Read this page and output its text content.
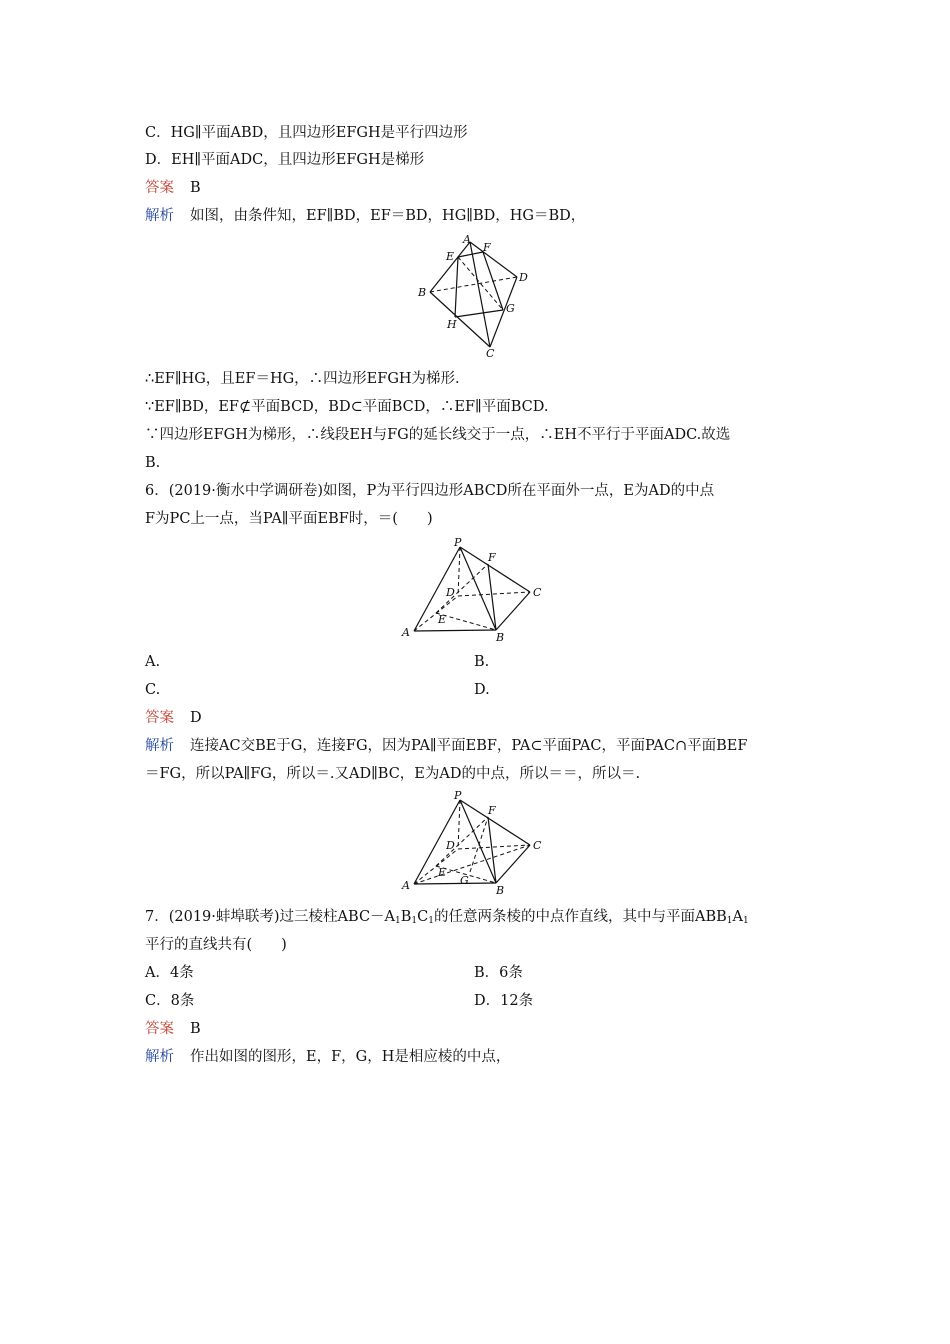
C．HG∥平面ABD，且四边形EFGH是平行四边形
D．EH∥平面ADC，且四边形EFGH是梯形
答案 B
解析 如图，由条件知，EF∥BD，EF＝BD，HG∥BD，HG＝BD，
A
F
E
D
B
G
H
C
∴EF∥HG，且EF＝HG，∴四边形EFGH为梯形.
∵EF∥BD，EF⊄平面BCD，BD⊂平面BCD，∴EF∥平面BCD.
∵四边形EFGH为梯形，∴线段EH与FG的延长线交于一点，∴EH不平行于平面ADC.故选
B.
6．(2019·衡水中学调研卷)如图，P为平行四边形ABCD所在平面外一点，E为AD的中点
F为PC上一点，当PA∥平面EBF时，＝(　　)
P
F
D	C
E
A	B
A.	B.
C.	D.
答案 D
解析 连接AC交BE于G，连接FG，因为PA∥平面EBF，PA⊂平面PAC，平面PAC∩平面BEF
＝FG，所以PA∥FG，所以＝.又AD∥BC，E为AD的中点，所以＝＝，所以＝.
P
F
D	C
E
G
A	B
7．(2019·蚌埠联考)过三棱柱$ABC-A_1B_1C_1$的任意两条棱的中点作直线，其中与平面$ABB_1A_1$
平行的直线共有(　　)
A．4条	B．6条
C．8条	D．12条
答案 B
解析 作出如图的图形，E，F，G，H是相应棱的中点，
